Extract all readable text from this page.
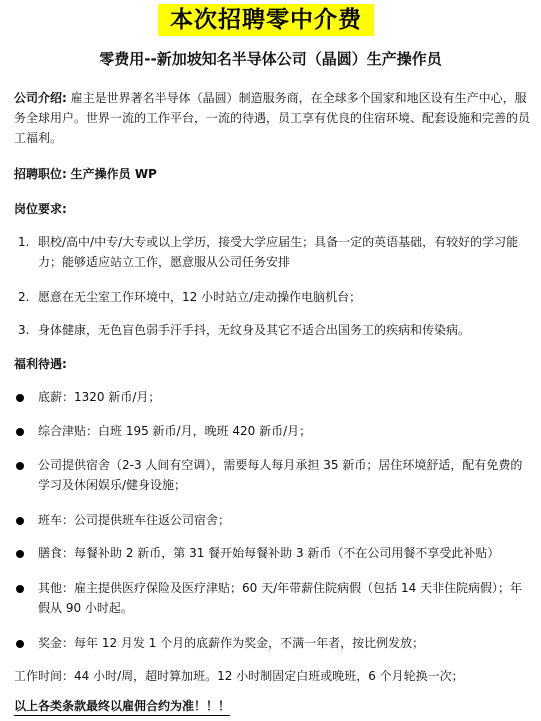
本次招聘零中介费
零费用--新加坡知名半导体公司（晶圆）生产操作员
公司介绍: 雇主是世界著名半导体（晶圆）制造服务商，在全球多个国家和地区设有生产中心，服务全球用户。世界一流的工作平台，一流的待遇，员工享有优良的住宿环境、配套设施和完善的员工福利。
招聘职位: 生产操作员 WP
岗位要求:
1. 职校/高中/中专/大专或以上学历，接受大学应届生；具备一定的英语基础，有较好的学习能力；能够适应站立工作，愿意服从公司任务安排
2. 愿意在无尘室工作环境中，12 小时站立/走动操作电脑机台；
3. 身体健康，无色盲色弱手汗手抖，无纹身及其它不适合出国务工的疾病和传染病。
福利待遇:
底薪：1320 新币/月；
综合津贴：白班 195 新币/月，晚班 420 新币/月；
公司提供宿舍（2-3 人间有空调），需要每人每月承担 35 新币；居住环境舒适，配有免费的学习及休闲娱乐/健身设施；
班车：公司提供班车往返公司宿舍；
膳食：每餐补助 2 新币，第 31 餐开始每餐补助 3 新币（不在公司用餐不享受此补贴）
其他：雇主提供医疗保险及医疗津贴；60 天/年带薪住院病假（包括 14 天非住院病假）；年假从 90 小时起。
奖金：每年 12 月发 1 个月的底薪作为奖金，不满一年者，按比例发放；
工作时间：44 小时/周，超时算加班。12 小时制固定白班或晚班，6 个月轮换一次；
以上各类条款最终以雇佣合约为准！！！
